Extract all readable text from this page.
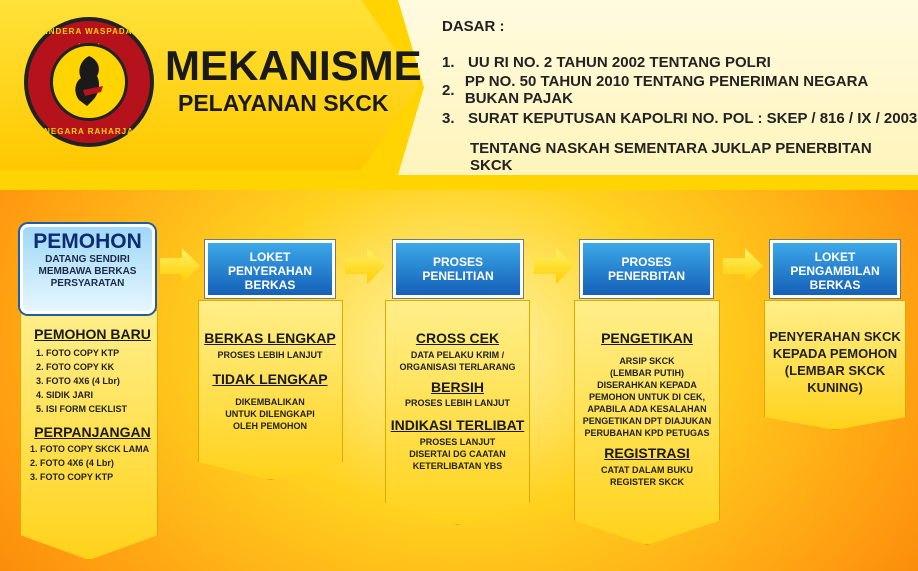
INDERA WASPADA
NEGARA RAHARJA
MEKANISME
PELAYANAN SKCK
DASAR :
1. UU RI NO. 2 TAHUN 2002 TENTANG POLRI
2. PP NO. 50 TAHUN 2010 TENTANG PENERIMAN NEGARA BUKAN PAJAK
3. SURAT KEPUTUSAN KAPOLRI NO. POL : SKEP / 816 / IX / 2003
TENTANG NASKAH SEMENTARA JUKLAP PENERBITAN SKCK
PEMOHON
DATANG SENDIRI
MEMBAWA BERKAS
PERSYARATAN
PEMOHON BARU
1. FOTO COPY KTP
2. FOTO COPY KK
3. FOTO 4X6 (4 Lbr)
4. SIDIK JARI
5. ISI FORM CEKLIST
PERPANJANGAN
1. FOTO COPY SKCK LAMA
2. FOTO 4X6 (4 Lbr)
3. FOTO COPY KTP
LOKET
PENYERAHAN
BERKAS
BERKAS LENGKAP
PROSES LEBIH LANJUT
TIDAK LENGKAP
DIKEMBALIKAN
UNTUK DILENGKAPI
OLEH PEMOHON
PROSES
PENELITIAN
CROSS CEK
DATA PELAKU KRIM /
ORGANISASI TERLARANG
BERSIH
PROSES LEBIH LANJUT
INDIKASI TERLIBAT
PROSES LANJUT
DISERTAI DG CAATAN
KETERLIBATAN YBS
PROSES
PENERBITAN
PENGETIKAN
ARSIP SKCK
(LEMBAR PUTIH)
DISERAHKAN KEPADA
PEMOHON UNTUK DI CEK,
APABILA ADA KESALAHAN
PENGETIKAN DPT DIAJUKAN
PERUBAHAN KPD PETUGAS
REGISTRASI
CATAT DALAM BUKU
REGISTER SKCK
LOKET
PENGAMBILAN
BERKAS
PENYERAHAN SKCK
KEPADA PEMOHON
(LEMBAR SKCK
KUNING)
